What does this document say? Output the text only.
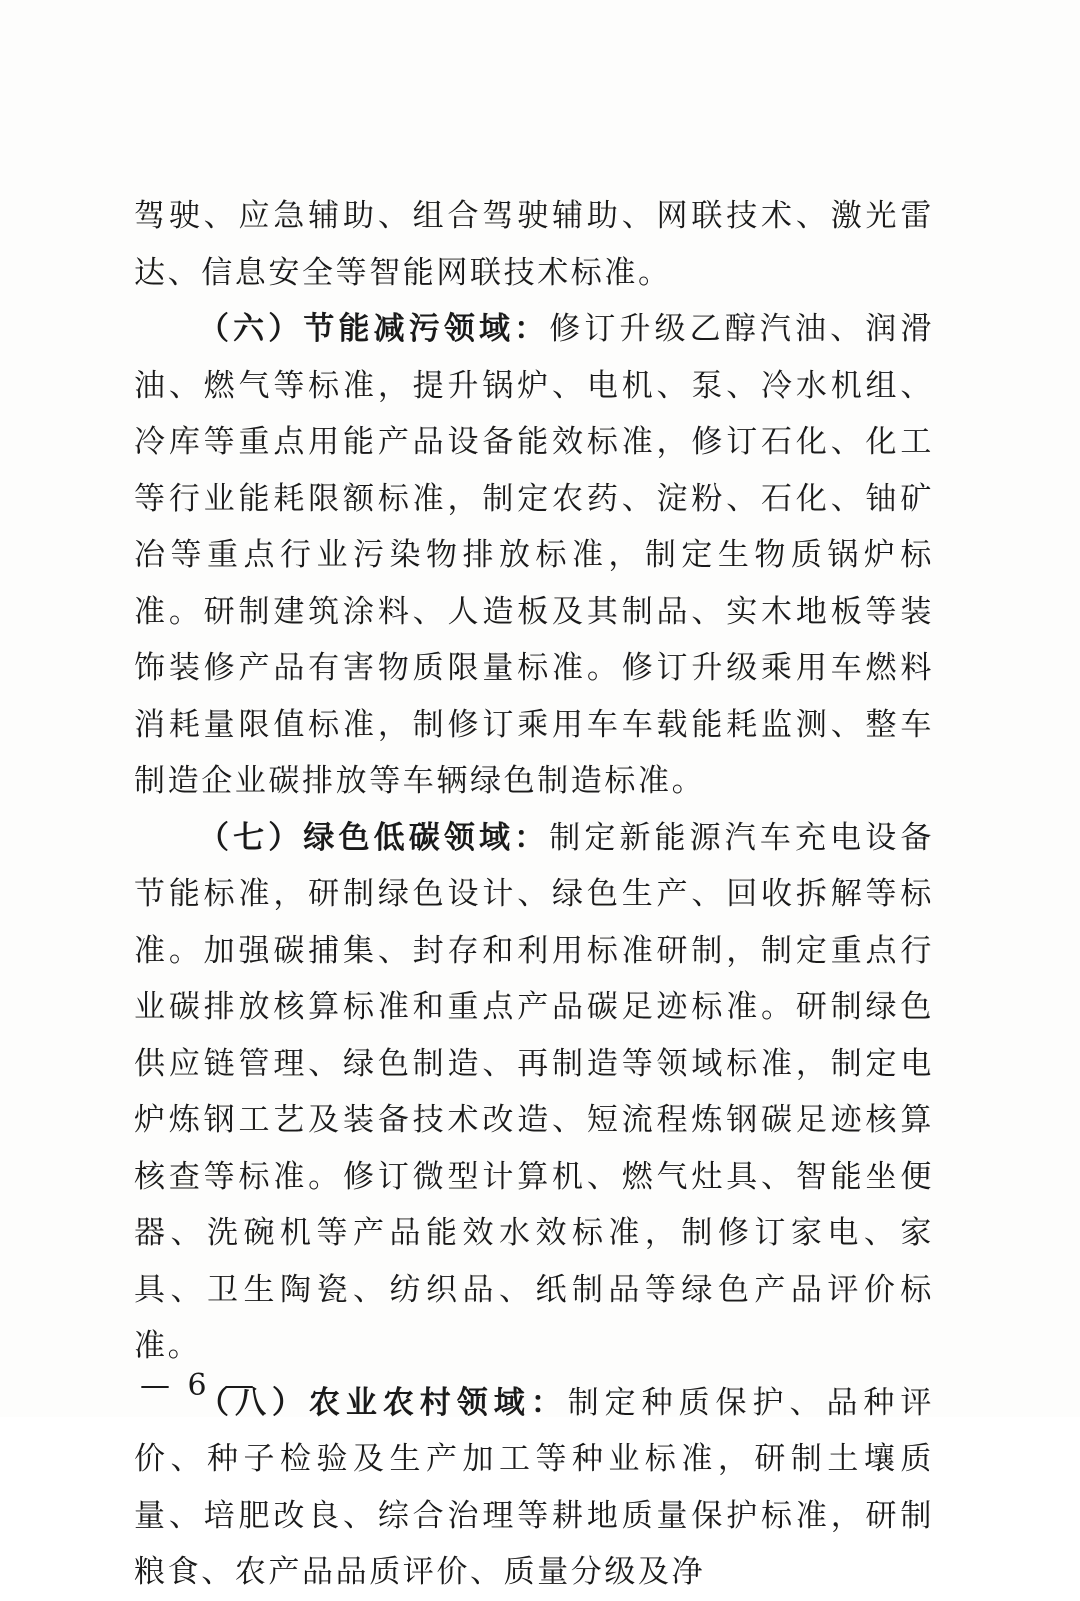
驾驶、应急辅助、组合驾驶辅助、网联技术、激光雷达、信息安全等智能网联技术标准。

（六）节能减污领域：修订升级乙醇汽油、润滑油、燃气等标准，提升锅炉、电机、泵、冷水机组、冷库等重点用能产品设备能效标准，修订石化、化工等行业能耗限额标准，制定农药、淀粉、石化、铀矿冶等重点行业污染物排放标准，制定生物质锅炉标准。研制建筑涂料、人造板及其制品、实木地板等装饰装修产品有害物质限量标准。修订升级乘用车燃料消耗量限值标准，制修订乘用车车载能耗监测、整车制造企业碳排放等车辆绿色制造标准。

（七）绿色低碳领域：制定新能源汽车充电设备节能标准，研制绿色设计、绿色生产、回收拆解等标准。加强碳捕集、封存和利用标准研制，制定重点行业碳排放核算标准和重点产品碳足迹标准。研制绿色供应链管理、绿色制造、再制造等领域标准，制定电炉炼钢工艺及装备技术改造、短流程炼钢碳足迹核算核查等标准。修订微型计算机、燃气灶具、智能坐便器、洗碗机等产品能效水效标准，制修订家电、家具、卫生陶瓷、纺织品、纸制品等绿色产品评价标准。

（八）农业农村领域：制定种质保护、品种评价、种子检验及生产加工等种业标准，研制土壤质量、培肥改良、综合治理等耕地质量保护标准，研制粮食、农产品品质评价、质量分级及净

— 6 —
